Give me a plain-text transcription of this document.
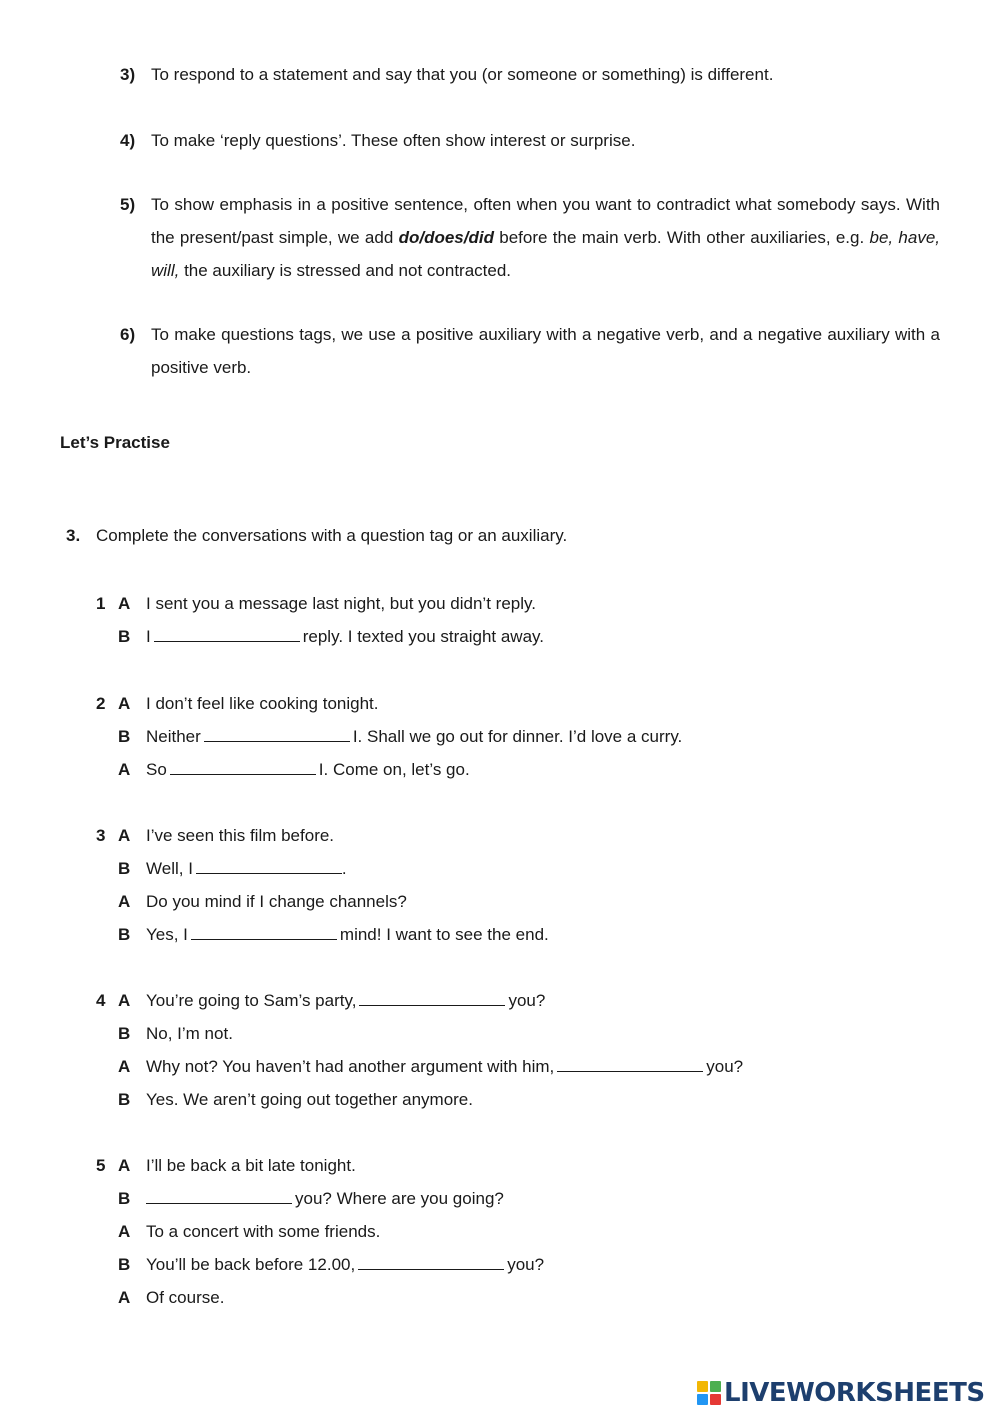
3) To respond to a statement and say that you (or someone or something) is different.
4) To make ‘reply questions’. These often show interest or surprise.
5) To show emphasis in a positive sentence, often when you want to contradict what somebody says. With the present/past simple, we add do/does/did before the main verb. With other auxiliaries, e.g. be, have, will, the auxiliary is stressed and not contracted.
6) To make questions tags, we use a positive auxiliary with a negative verb, and a negative auxiliary with a positive verb.
Let’s Practise
3. Complete the conversations with a question tag or an auxiliary.
1 A I sent you a message last night, but you didn’t reply.
B I	reply. I texted you straight away.
2 A I don’t feel like cooking tonight.
B Neither	I. Shall we go out for dinner. I’d love a curry.
A So	I. Come on, let’s go.
3 A I’ve seen this film before.
B Well, I	.
A Do you mind if I change channels?
B Yes, I	mind! I want to see the end.
4 A You’re going to Sam’s party,	you?
B No, I’m not.
A Why not? You haven’t had another argument with him,	you?
B Yes. We aren’t going out together anymore.
5 A I’ll be back a bit late tonight.
B	you? Where are you going?
A To a concert with some friends.
B You’ll be back before 12.00,	you?
A Of course.
LIVEWORKSHEETS
